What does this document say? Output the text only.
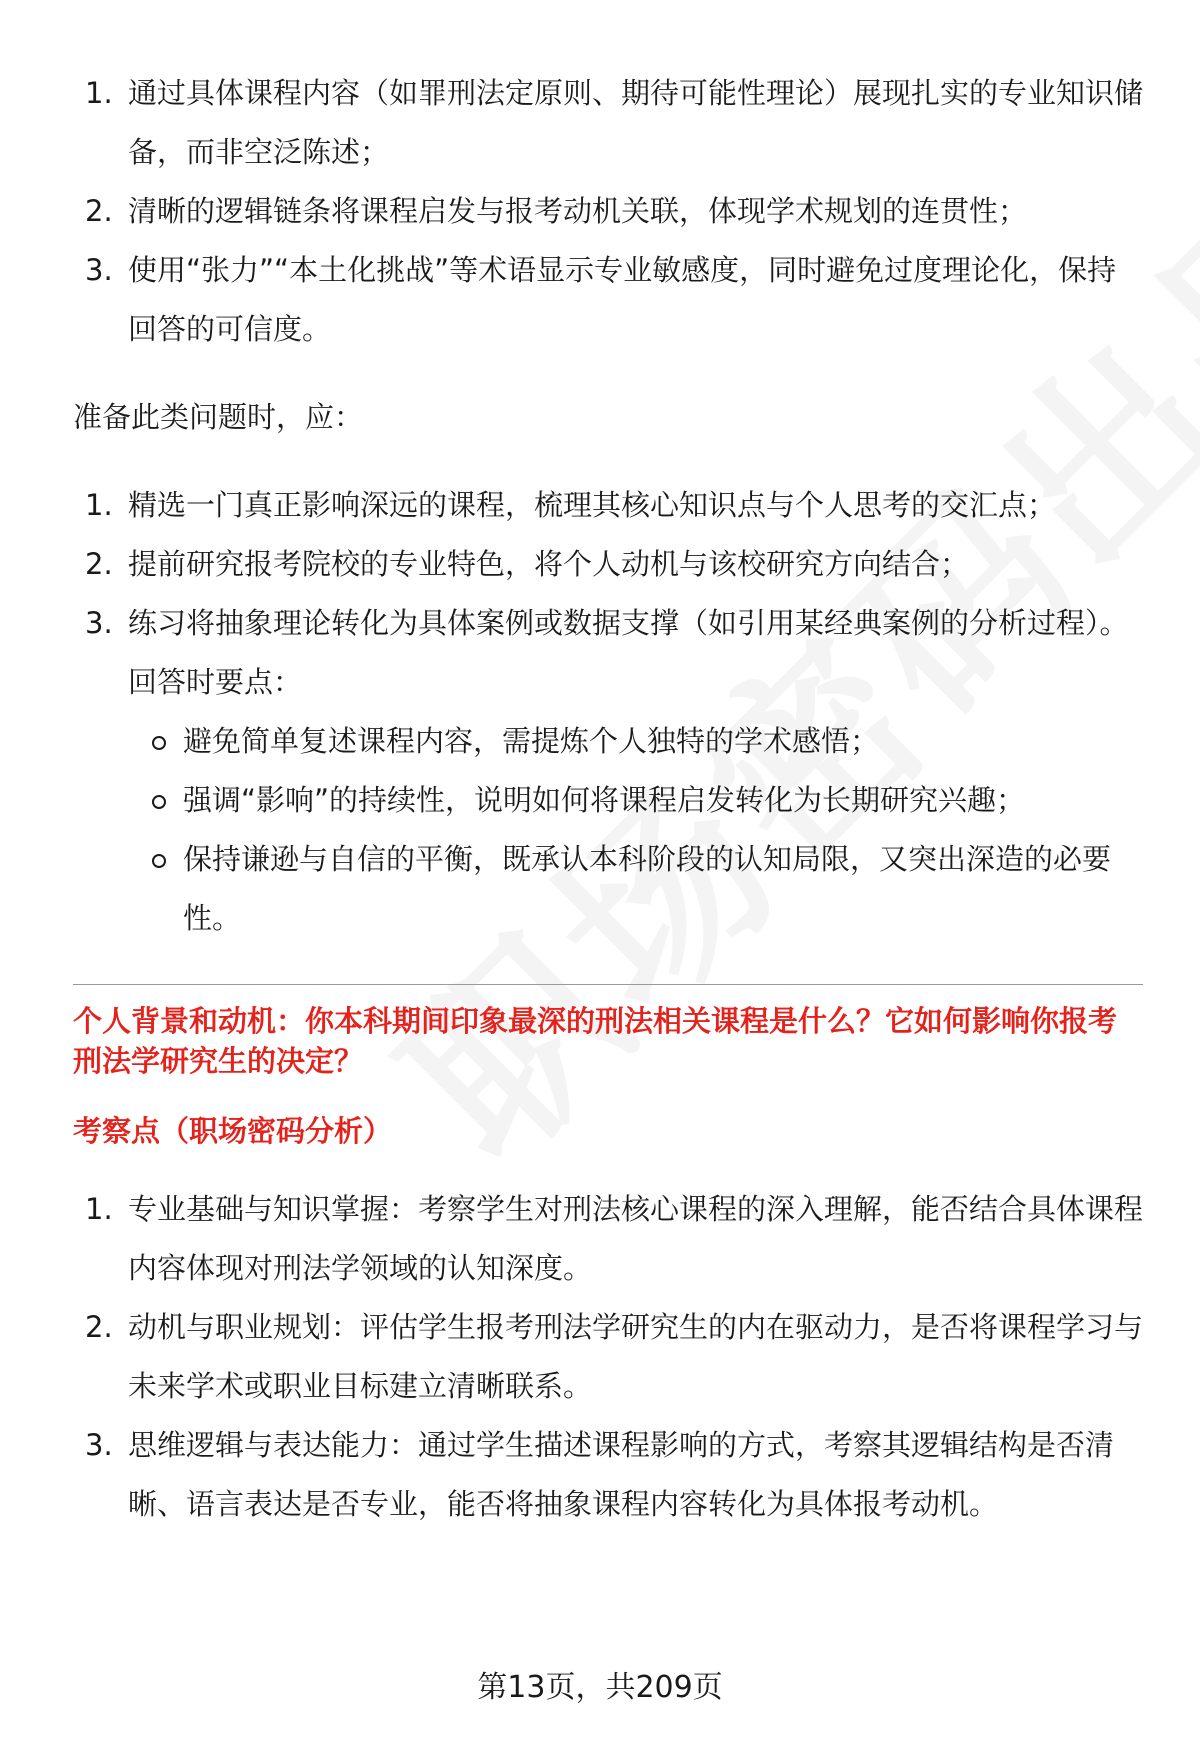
1. 通过具体课程内容（如罪刑法定原则、期待可能性理论）展现扎实的专业知识储备，而非空泛陈述；
2. 清晰的逻辑链条将课程启发与报考动机关联，体现学术规划的连贯性；
3. 使用“张力”“本土化挑战”等术语显示专业敏感度，同时避免过度理论化，保持回答的可信度。
准备此类问题时，应：
1. 精选一门真正影响深远的课程，梳理其核心知识点与个人思考的交汇点；
2. 提前研究报考院校的专业特色，将个人动机与该校研究方向结合；
3. 练习将抽象理论转化为具体案例或数据支撑（如引用某经典案例的分析过程）。
回答时要点：
避免简单复述课程内容，需提炼个人独特的学术感悟；
强调“影响”的持续性，说明如何将课程启发转化为长期研究兴趣；
保持谦逊与自信的平衡，既承认本科阶段的认知局限，又突出深造的必要性。
个人背景和动机：你本科期间印象最深的刑法相关课程是什么？它如何影响你报考刑法学研究生的决定？
考察点（职场密码分析）
1. 专业基础与知识掌握：考察学生对刑法核心课程的深入理解，能否结合具体课程内容体现对刑法学领域的认知深度。
2. 动机与职业规划：评估学生报考刑法学研究生的内在驱动力，是否将课程学习与未来学术或职业目标建立清晰联系。
3. 思维逻辑与表达能力：通过学生描述课程影响的方式，考察其逻辑结构是否清晰、语言表达是否专业，能否将抽象课程内容转化为具体报考动机。
第13页，共209页
